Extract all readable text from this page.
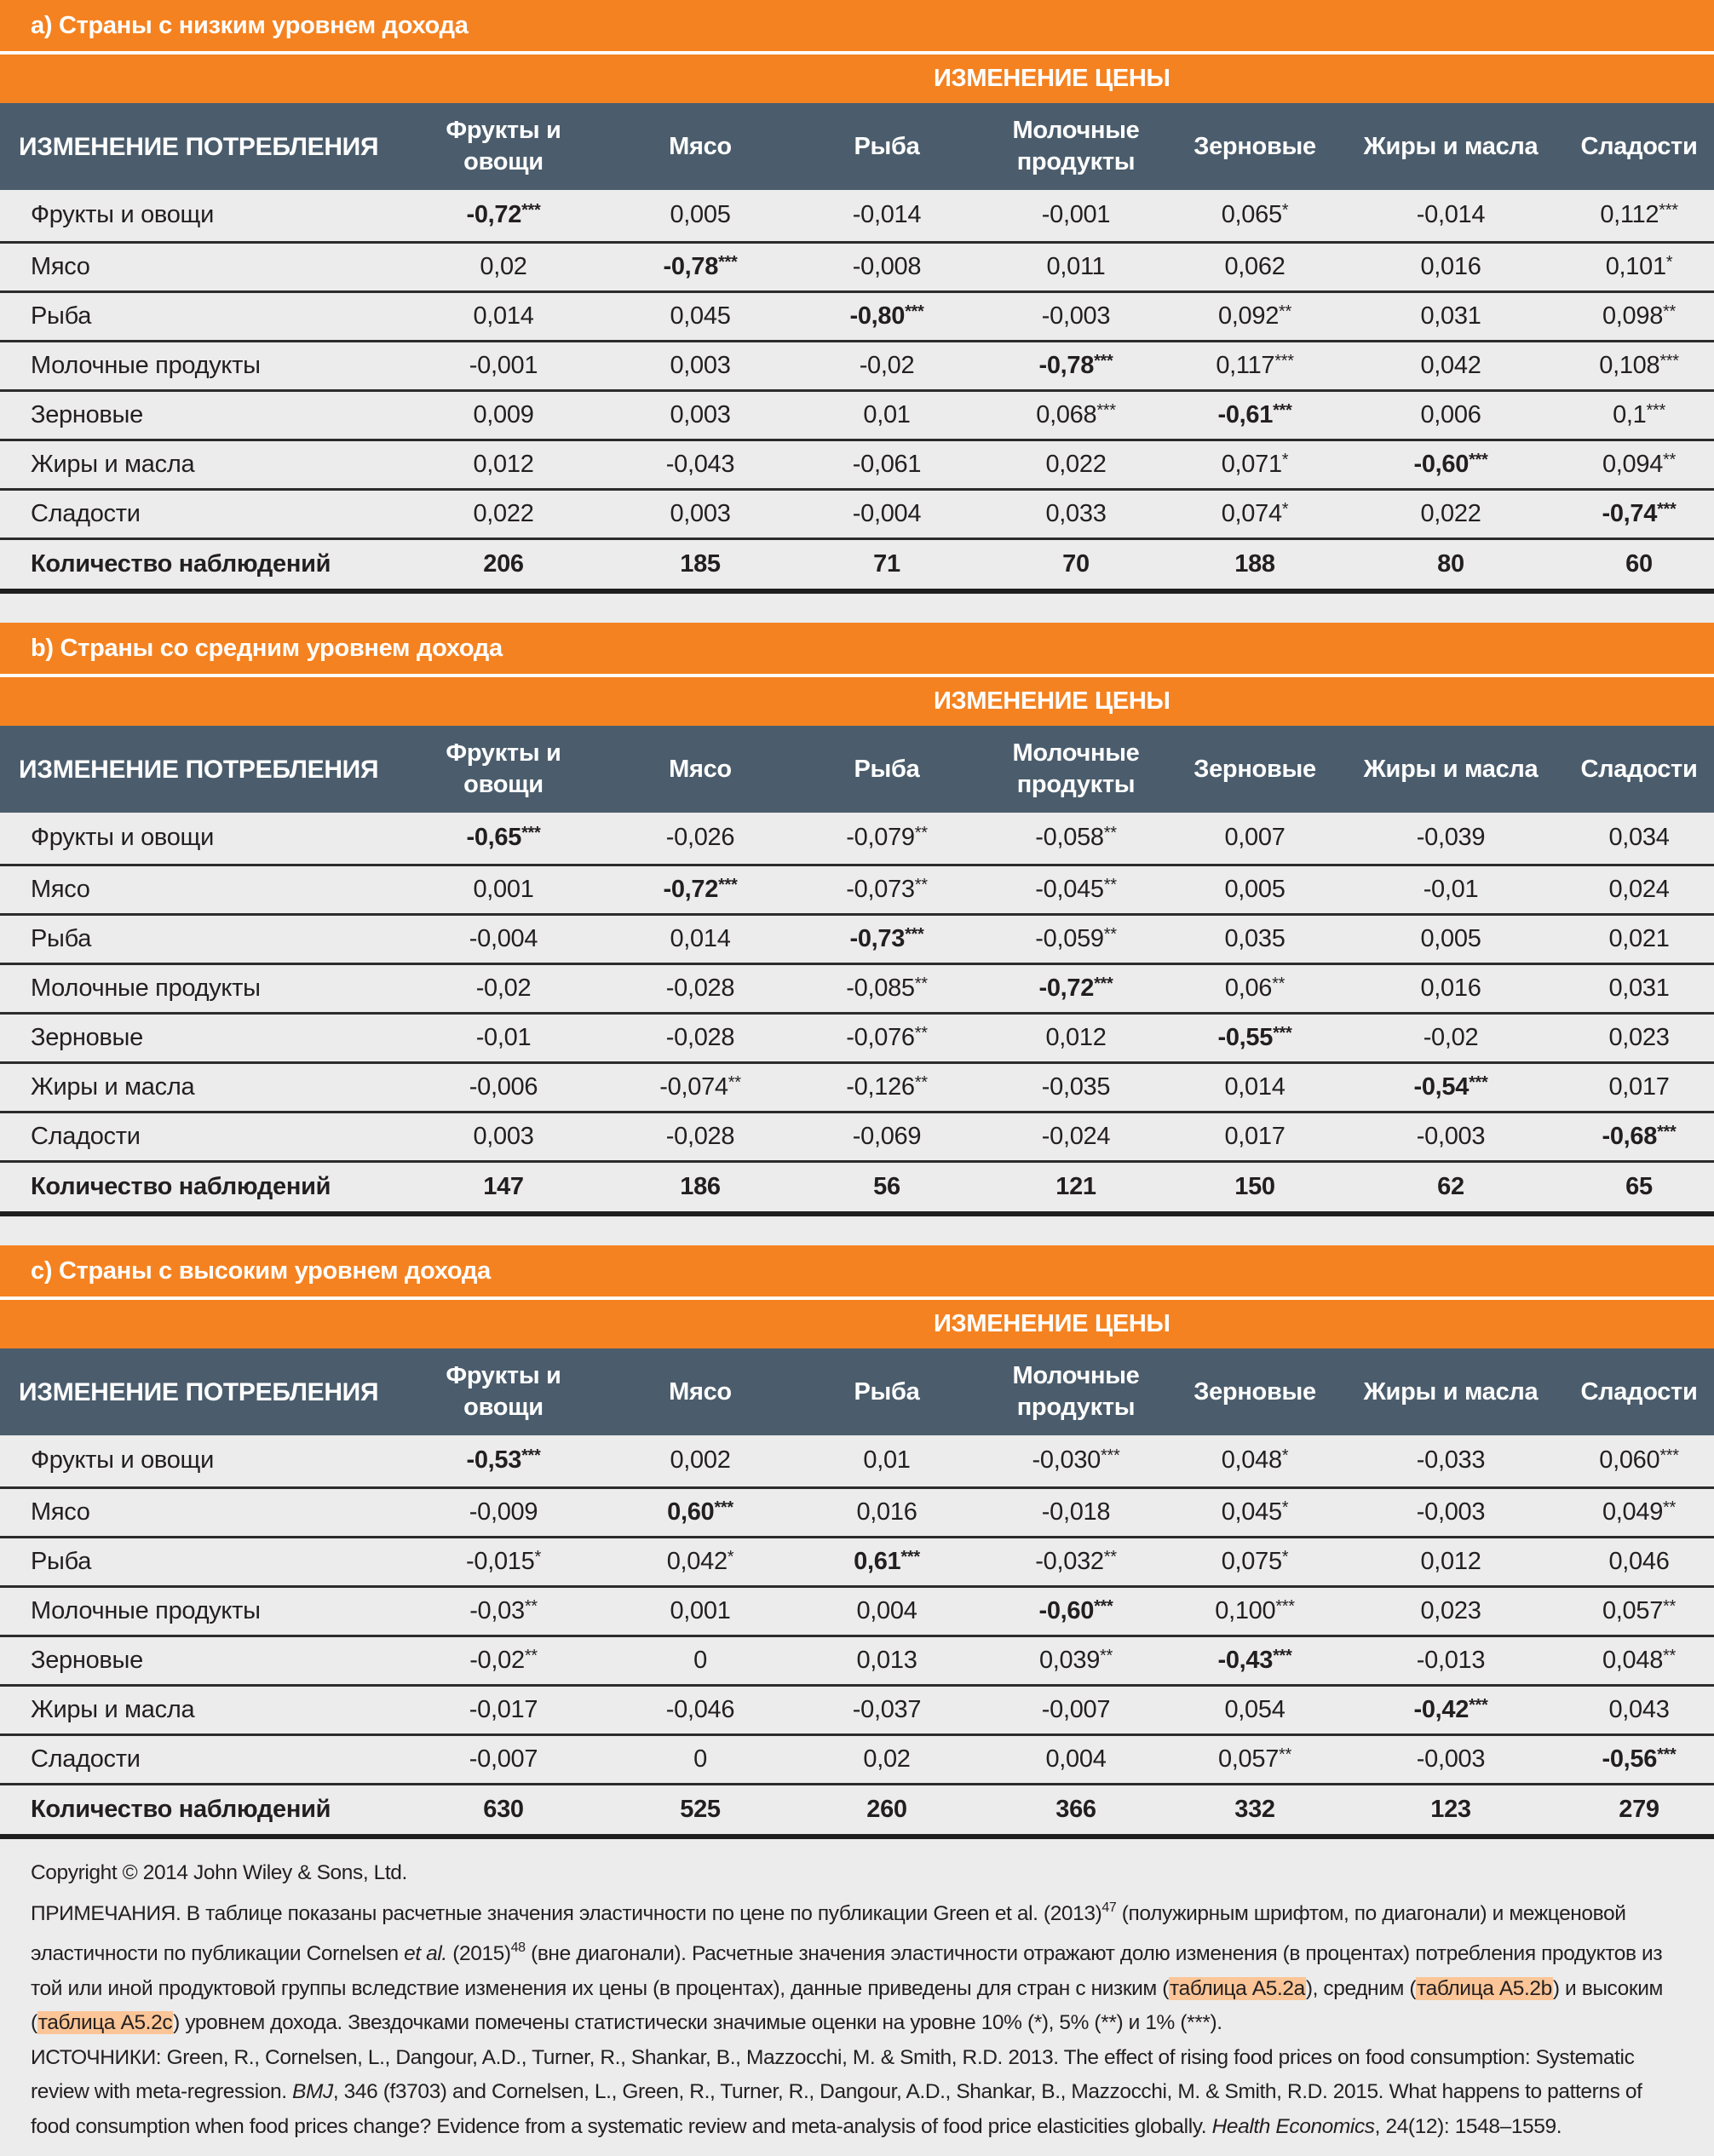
a) Страны с низким уровнем дохода
ИЗМЕНЕНИЕ ЦЕНЫ
ИЗМЕНЕНИЕ ПОТРЕБЛЕНИЯ	Фрукты и овощи	Мясо	Рыба	Молочные продукты	Зерновые	Жиры и масла	Сладости
Фрукты и овощи	-0,72***	0,005	-0,014	-0,001	0,065*	-0,014	0,112***
Мясо	0,02	-0,78***	-0,008	0,011	0,062	0,016	0,101*
Рыба	0,014	0,045	-0,80***	-0,003	0,092**	0,031	0,098**
Молочные продукты	-0,001	0,003	-0,02	-0,78***	0,117***	0,042	0,108***
Зерновые	0,009	0,003	0,01	0,068***	-0,61***	0,006	0,1***
Жиры и масла	0,012	-0,043	-0,061	0,022	0,071*	-0,60***	0,094**
Сладости	0,022	0,003	-0,004	0,033	0,074*	0,022	-0,74***
Количество наблюдений	206	185	71	70	188	80	60
b) Страны со средним уровнем дохода
ИЗМЕНЕНИЕ ЦЕНЫ
ИЗМЕНЕНИЕ ПОТРЕБЛЕНИЯ	Фрукты и овощи	Мясо	Рыба	Молочные продукты	Зерновые	Жиры и масла	Сладости
Фрукты и овощи	-0,65***	-0,026	-0,079**	-0,058**	0,007	-0,039	0,034
Мясо	0,001	-0,72***	-0,073**	-0,045**	0,005	-0,01	0,024
Рыба	-0,004	0,014	-0,73***	-0,059**	0,035	0,005	0,021
Молочные продукты	-0,02	-0,028	-0,085**	-0,72***	0,06**	0,016	0,031
Зерновые	-0,01	-0,028	-0,076**	0,012	-0,55***	-0,02	0,023
Жиры и масла	-0,006	-0,074**	-0,126**	-0,035	0,014	-0,54***	0,017
Сладости	0,003	-0,028	-0,069	-0,024	0,017	-0,003	-0,68***
Количество наблюдений	147	186	56	121	150	62	65
c) Страны с высоким уровнем дохода
ИЗМЕНЕНИЕ ЦЕНЫ
ИЗМЕНЕНИЕ ПОТРЕБЛЕНИЯ	Фрукты и овощи	Мясо	Рыба	Молочные продукты	Зерновые	Жиры и масла	Сладости
Фрукты и овощи	-0,53***	0,002	0,01	-0,030***	0,048*	-0,033	0,060***
Мясо	-0,009	0,60***	0,016	-0,018	0,045*	-0,003	0,049**
Рыба	-0,015*	0,042*	0,61***	-0,032**	0,075*	0,012	0,046
Молочные продукты	-0,03**	0,001	0,004	-0,60***	0,100***	0,023	0,057**
Зерновые	-0,02**	0	0,013	0,039**	-0,43***	-0,013	0,048**
Жиры и масла	-0,017	-0,046	-0,037	-0,007	0,054	-0,42***	0,043
Сладости	-0,007	0	0,02	0,004	0,057**	-0,003	-0,56***
Количество наблюдений	630	525	260	366	332	123	279
Copyright © 2014 John Wiley & Sons, Ltd.
ПРИМЕЧАНИЯ. В таблице показаны расчетные значения эластичности по цене по публикации Green et al. $(2013)^{47}$ (полужирным шрифтом, по диагонали) и межценовой эластичности по публикации Cornelsen et al. $(2015)^{48}$ (вне диагонали). Расчетные значения эластичности отражают долю изменения (в процентах) потребления продуктов из той или иной продуктовой группы вследствие изменения их цены (в процентах), данные приведены для стран с низким (таблица A5.2a), средним (таблица A5.2b) и высоким (таблица A5.2c) уровнем дохода. Звездочками помечены статистически значимые оценки на уровне 10% (*), 5% (**) и 1% (***).
ИСТОЧНИКИ: Green, R., Cornelsen, L., Dangour, A.D., Turner, R., Shankar, B., Mazzocchi, M. & Smith, R.D. 2013. The effect of rising food prices on food consumption: Systematic review with meta-regression. BMJ, 346 (f3703) and Cornelsen, L., Green, R., Turner, R., Dangour, A.D., Shankar, B., Mazzocchi, M. & Smith, R.D. 2015. What happens to patterns of food consumption when food prices change? Evidence from a systematic review and meta-analysis of food price elasticities globally. Health Economics, 24(12): 1548–1559.
